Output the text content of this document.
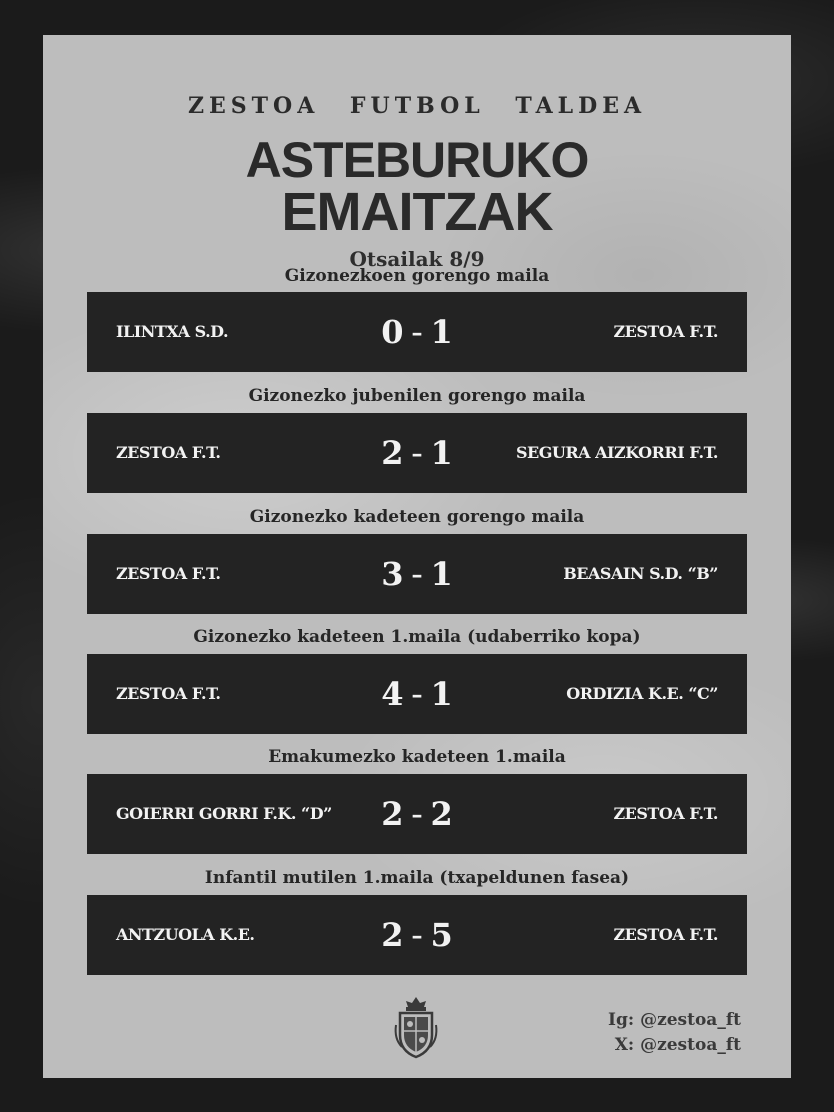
ZESTOA FUTBOL TALDEA
ASTEBURUKO
EMAITZAK
Otsailak 8/9
Gizonezkoen gorengo maila
ILINTXA S.D.	0 – 1	ZESTOA F.T.
Gizonezko jubenilen gorengo maila
ZESTOA F.T.	2 – 1	SEGURA AIZKORRI F.T.
Gizonezko kadeteen gorengo maila
ZESTOA F.T.	3 – 1	BEASAIN S.D. “B”
Gizonezko kadeteen 1.maila (udaberriko kopa)
ZESTOA F.T.	4 – 1	ORDIZIA K.E. “C”
Emakumezko kadeteen 1.maila
GOIERRI GORRI F.K. “D”	2 – 2	ZESTOA F.T.
Infantil mutilen 1.maila (txapeldunen fasea)
ANTZUOLA K.E.	2 – 5	ZESTOA F.T.
Ig: @zestoa_ft
X: @zestoa_ft
